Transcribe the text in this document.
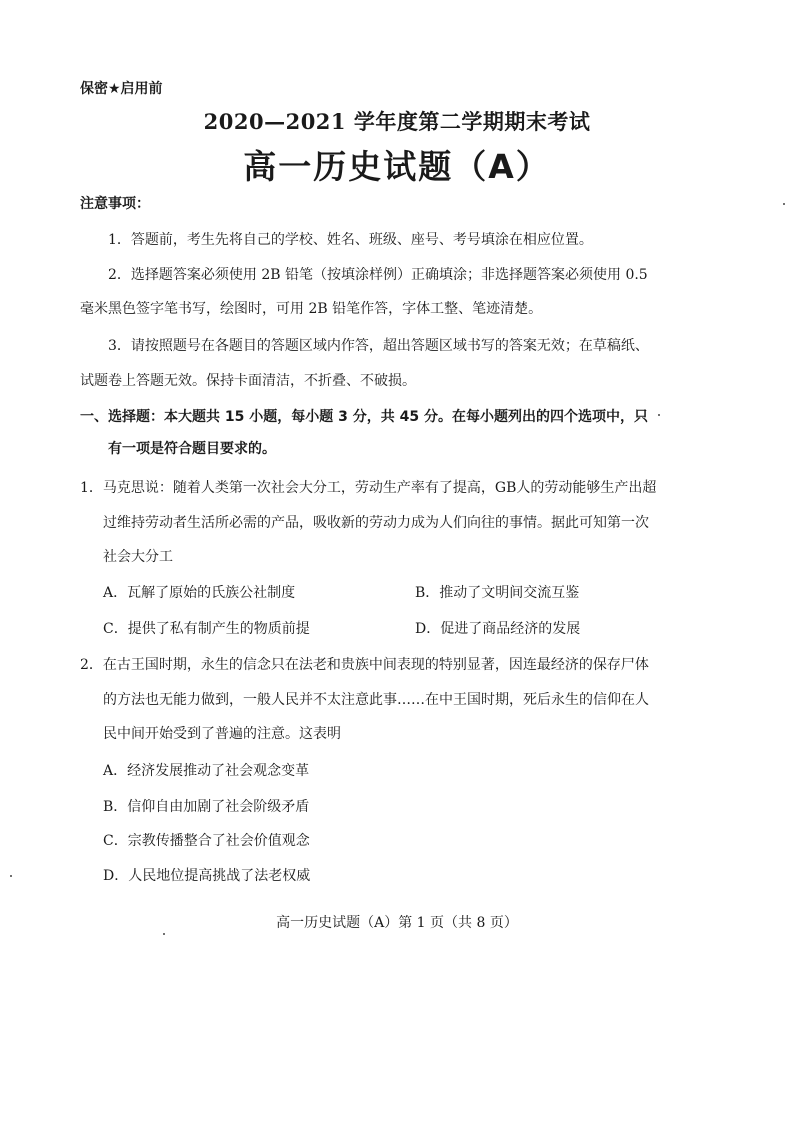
保密★启用前
2020—2021 学年度第二学期期末考试
高一历史试题（A）
注意事项：
1．答题前，考生先将自己的学校、姓名、班级、座号、考号填涂在相应位置。
2．选择题答案必须使用 2B 铅笔（按填涂样例）正确填涂；非选择题答案必须使用 0.5
毫米黑色签字笔书写，绘图时，可用 2B 铅笔作答，字体工整、笔迹清楚。
3．请按照题号在各题目的答题区域内作答，超出答题区域书写的答案无效；在草稿纸、
试题卷上答题无效。保持卡面清洁，不折叠、不破损。
一、选择题：本大题共 15 小题，每小题 3 分，共 45 分。在每小题列出的四个选项中，只
有一项是符合题目要求的。
1．马克思说：随着人类第一次社会大分工，劳动生产率有了提高，GB人的劳动能够生产出超
过维持劳动者生活所必需的产品，吸收新的劳动力成为人们向往的事情。据此可知第一次
社会大分工
A．瓦解了原始的氏族公社制度	B．推动了文明间交流互鉴
C．提供了私有制产生的物质前提	D．促进了商品经济的发展
2．在古王国时期，永生的信念只在法老和贵族中间表现的特别显著，因连最经济的保存尸体
的方法也无能力做到，一般人民并不太注意此事……在中王国时期，死后永生的信仰在人
民中间开始受到了普遍的注意。这表明
A．经济发展推动了社会观念变革
B．信仰自由加剧了社会阶级矛盾
C．宗教传播整合了社会价值观念
D．人民地位提高挑战了法老权威
高一历史试题（A）第 1 页（共 8 页）
